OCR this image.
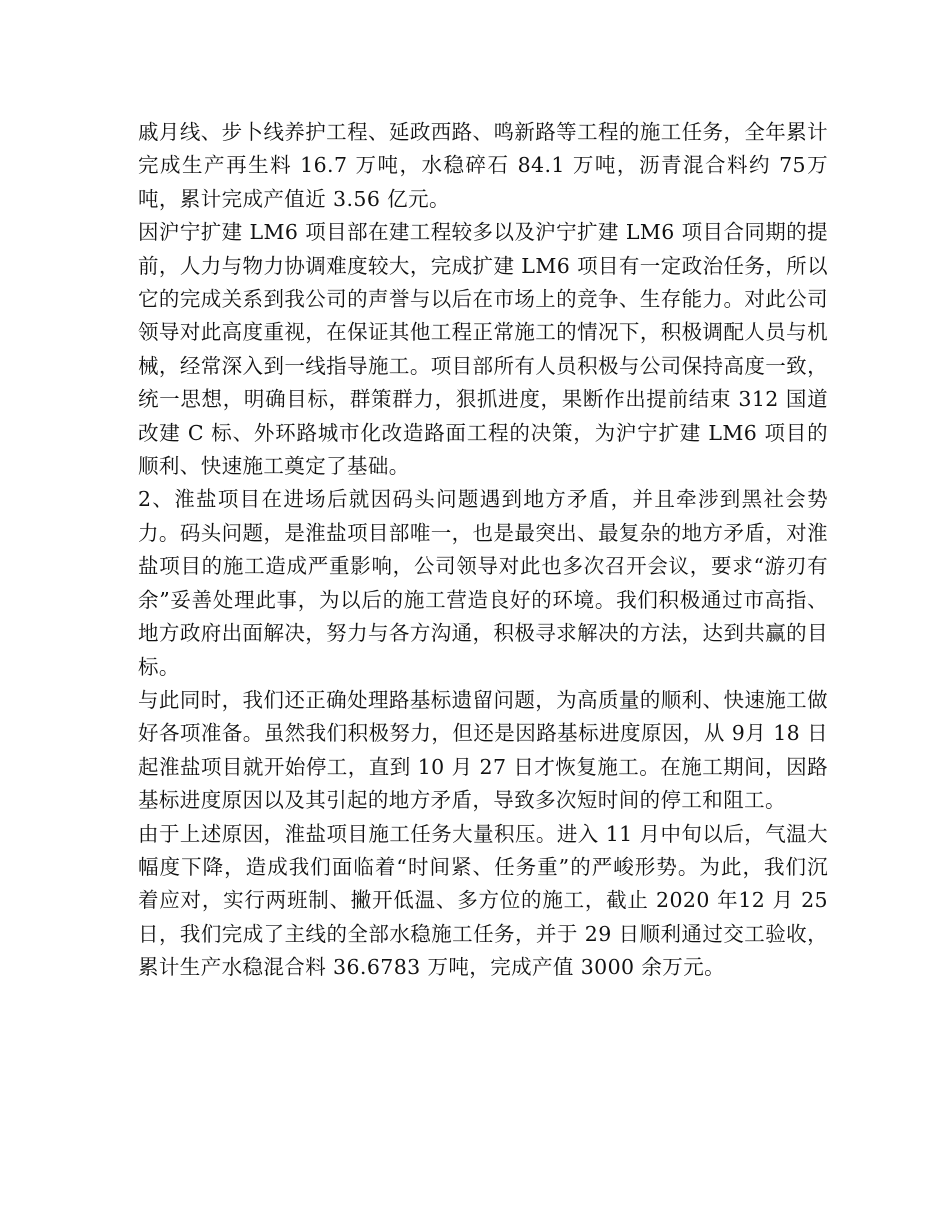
戚月线、步卜线养护工程、延政西路、鸣新路等工程的施工任务，全年累计完成生产再生料 16.7 万吨，水稳碎石 84.1 万吨，沥青混合料约 75万吨，累计完成产值近 3.56 亿元。

因沪宁扩建 LM6 项目部在建工程较多以及沪宁扩建 LM6 项目合同期的提前，人力与物力协调难度较大，完成扩建 LM6 项目有一定政治任务，所以它的完成关系到我公司的声誉与以后在市场上的竞争、生存能力。对此公司领导对此高度重视，在保证其他工程正常施工的情况下，积极调配人员与机械，经常深入到一线指导施工。项目部所有人员积极与公司保持高度一致，统一思想，明确目标，群策群力，狠抓进度，果断作出提前结束 312 国道改建 C 标、外环路城市化改造路面工程的决策，为沪宁扩建 LM6 项目的顺利、快速施工奠定了基础。

2、淮盐项目在进场后就因码头问题遇到地方矛盾，并且牵涉到黑社会势力。码头问题，是淮盐项目部唯一，也是最突出、最复杂的地方矛盾，对淮盐项目的施工造成严重影响，公司领导对此也多次召开会议，要求“游刃有余”妥善处理此事，为以后的施工营造良好的环境。我们积极通过市高指、地方政府出面解决，努力与各方沟通，积极寻求解决的方法，达到共赢的目标。

与此同时，我们还正确处理路基标遗留问题，为高质量的顺利、快速施工做好各项准备。虽然我们积极努力，但还是因路基标进度原因，从 9月 18 日起淮盐项目就开始停工，直到 10 月 27 日才恢复施工。在施工期间，因路基标进度原因以及其引起的地方矛盾，导致多次短时间的停工和阻工。

由于上述原因，淮盐项目施工任务大量积压。进入 11 月中旬以后，气温大幅度下降，造成我们面临着“时间紧、任务重”的严峻形势。为此，我们沉着应对，实行两班制、撇开低温、多方位的施工，截止 2020 年12 月 25 日，我们完成了主线的全部水稳施工任务，并于 29 日顺利通过交工验收，累计生产水稳混合料 36.6783 万吨，完成产值 3000 余万元。
